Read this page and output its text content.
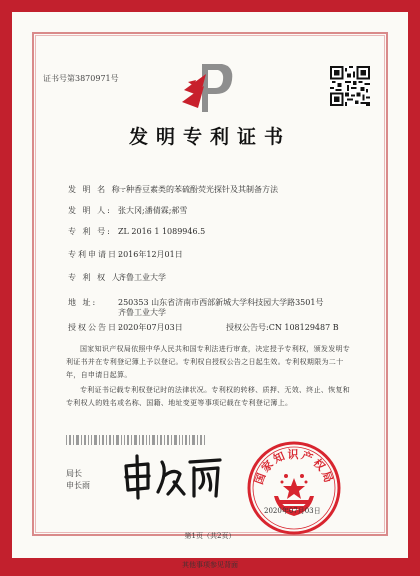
证书号第3870971号
发明专利证书
发 明 名 称:一种香豆素类的苯硫酚荧光探针及其制备方法
发 明 人: 张大冈;潘倩霖;郝雪
专 利 号: ZL 2016 1 1089946.5
专利申请日:2016年12月01日
专 利 权 人:齐鲁工业大学
地 址:	250353 山东省济南市西部新城大学科技园大学路3501号
齐鲁工业大学
授权公告日:2020年07月03日	授权公告号:CN 108129487 B
国家知识产权局依照中华人民共和国专利法进行审查，决定授予专利权，颁发发明专利证书并在专利登记簿上予以登记。专利权自授权公告之日起生效。专利权期限为二十年，自申请日起算。
专利证书记载专利权登记时的法律状况。专利权的转移、质押、无效、终止、恢复和专利权人的姓名或名称、国籍、地址变更等事项记载在专利登记簿上。
局长
申长雨	国家知识产权局
2020年07月03日
第1页（共2页）
其他事项参见背面
